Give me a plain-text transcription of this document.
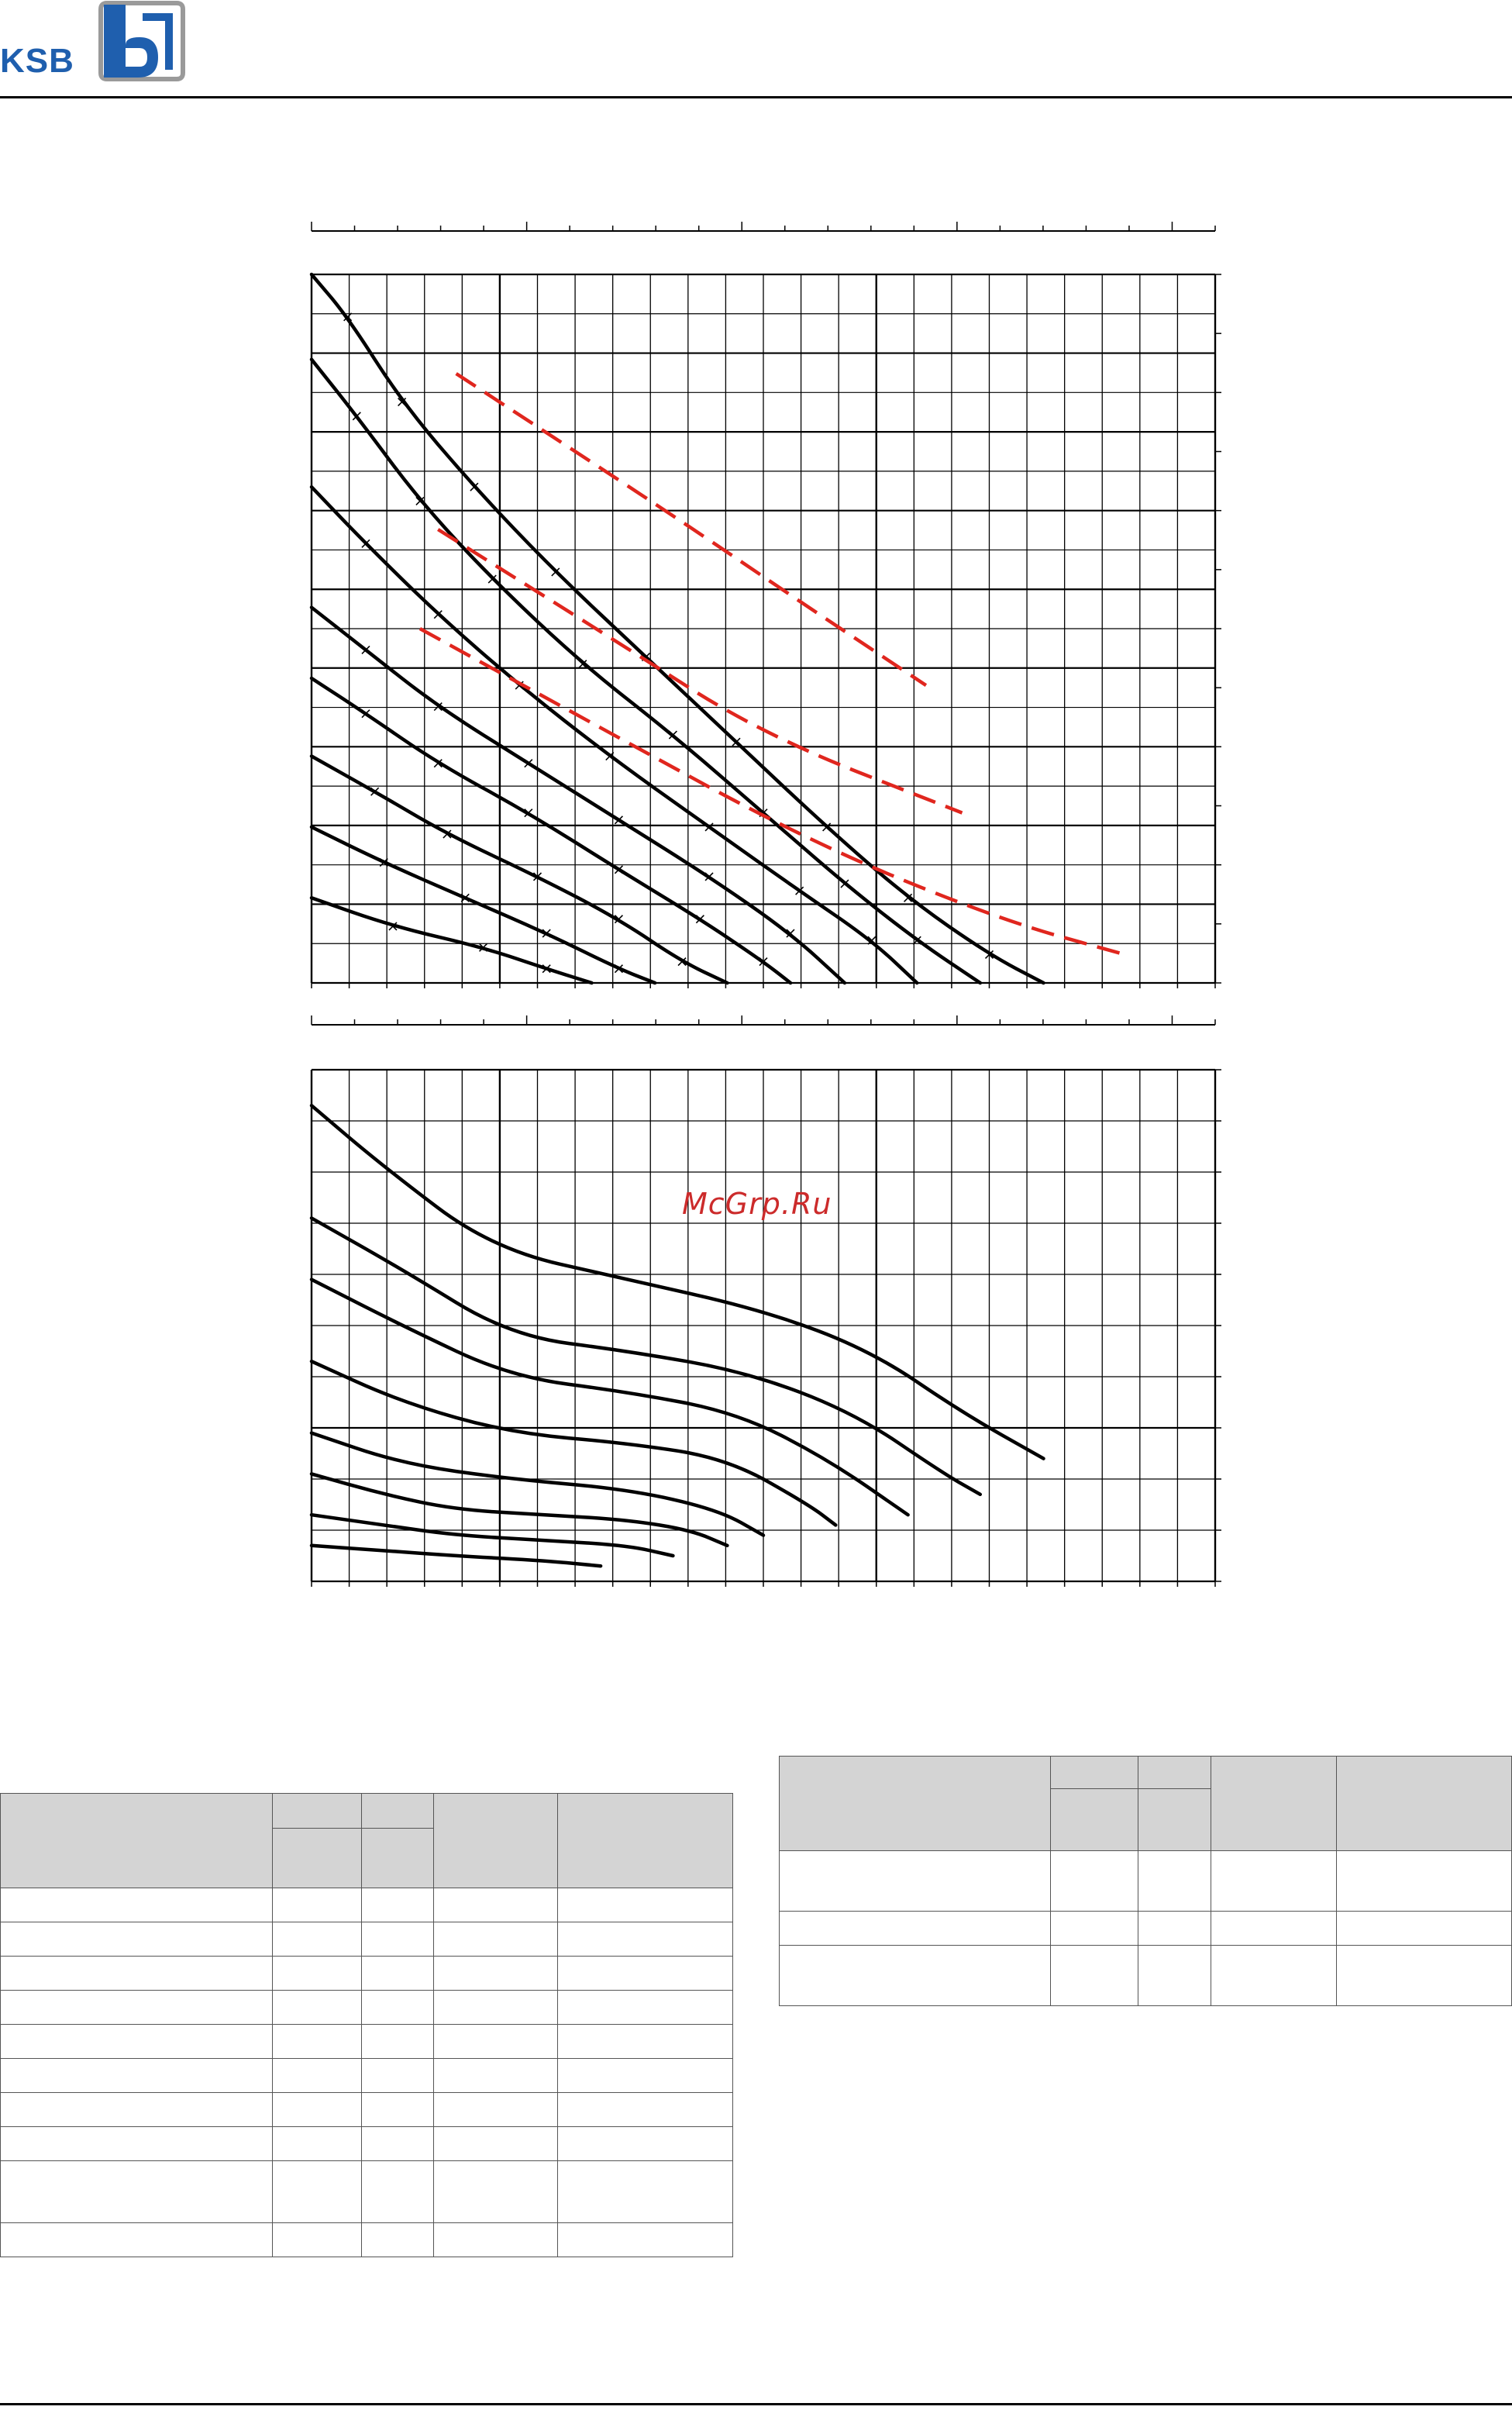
KSB
McGrp.Ru
